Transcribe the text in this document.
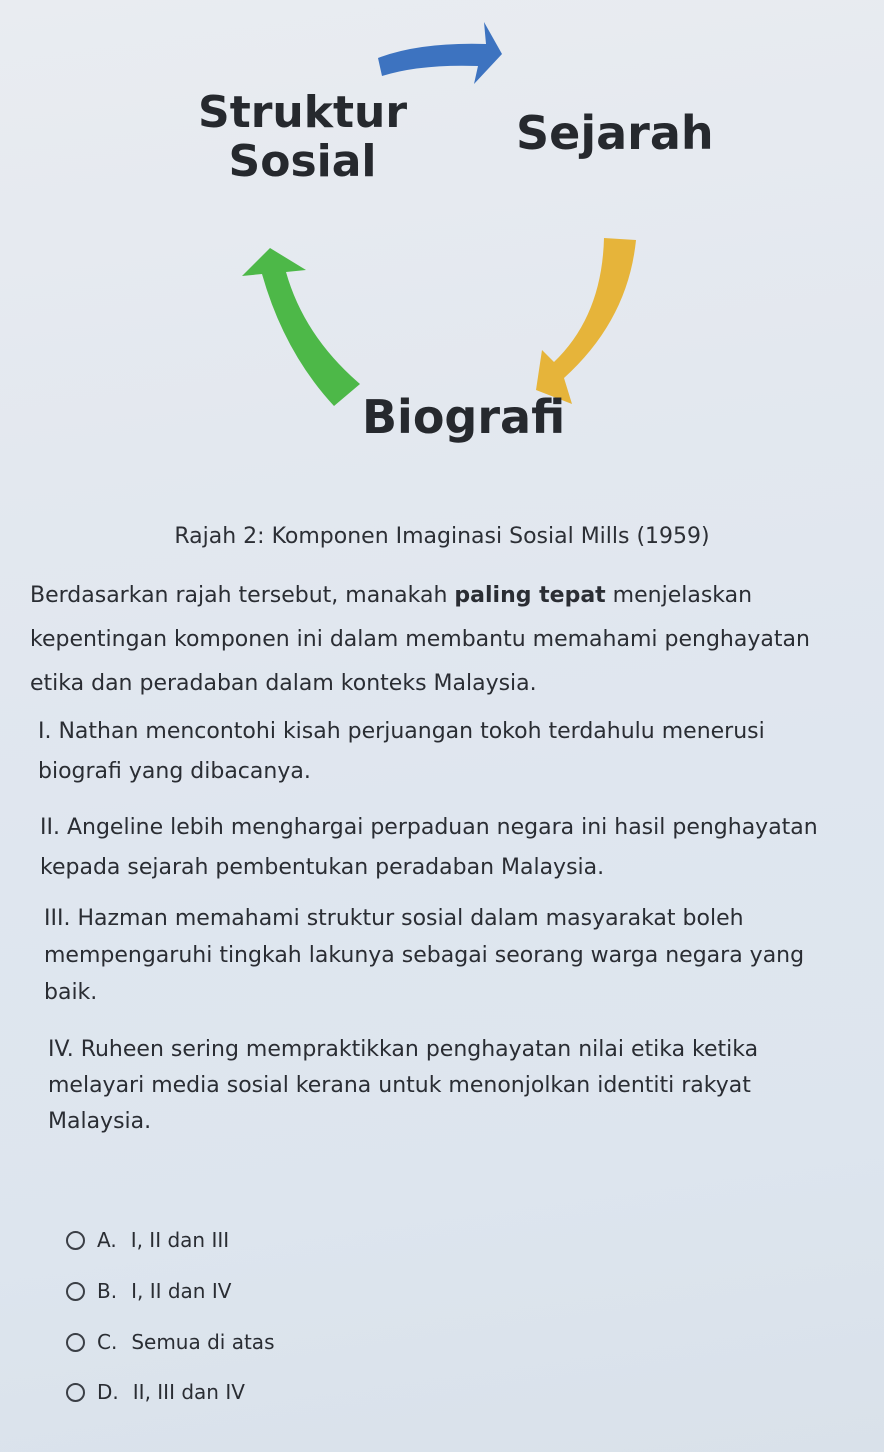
Struktur
Sosial
Sejarah
Biografi
Rajah 2: Komponen Imaginasi Sosial Mills (1959)
Berdasarkan rajah tersebut, manakah paling tepat menjelaskan kepentingan komponen ini dalam membantu memahami penghayatan etika dan peradaban dalam konteks Malaysia.
I. Nathan mencontohi kisah perjuangan tokoh terdahulu menerusi biografi yang dibacanya.
II. Angeline lebih menghargai perpaduan negara ini hasil penghayatan kepada sejarah pembentukan peradaban Malaysia.
III. Hazman memahami struktur sosial dalam masyarakat boleh mempengaruhi tingkah lakunya sebagai seorang warga negara yang baik.
IV. Ruheen sering mempraktikkan penghayatan nilai etika ketika melayari media sosial kerana untuk menonjolkan identiti rakyat Malaysia.
A. I, II dan III
B. I, II dan IV
C. Semua di atas
D. II, III dan IV
